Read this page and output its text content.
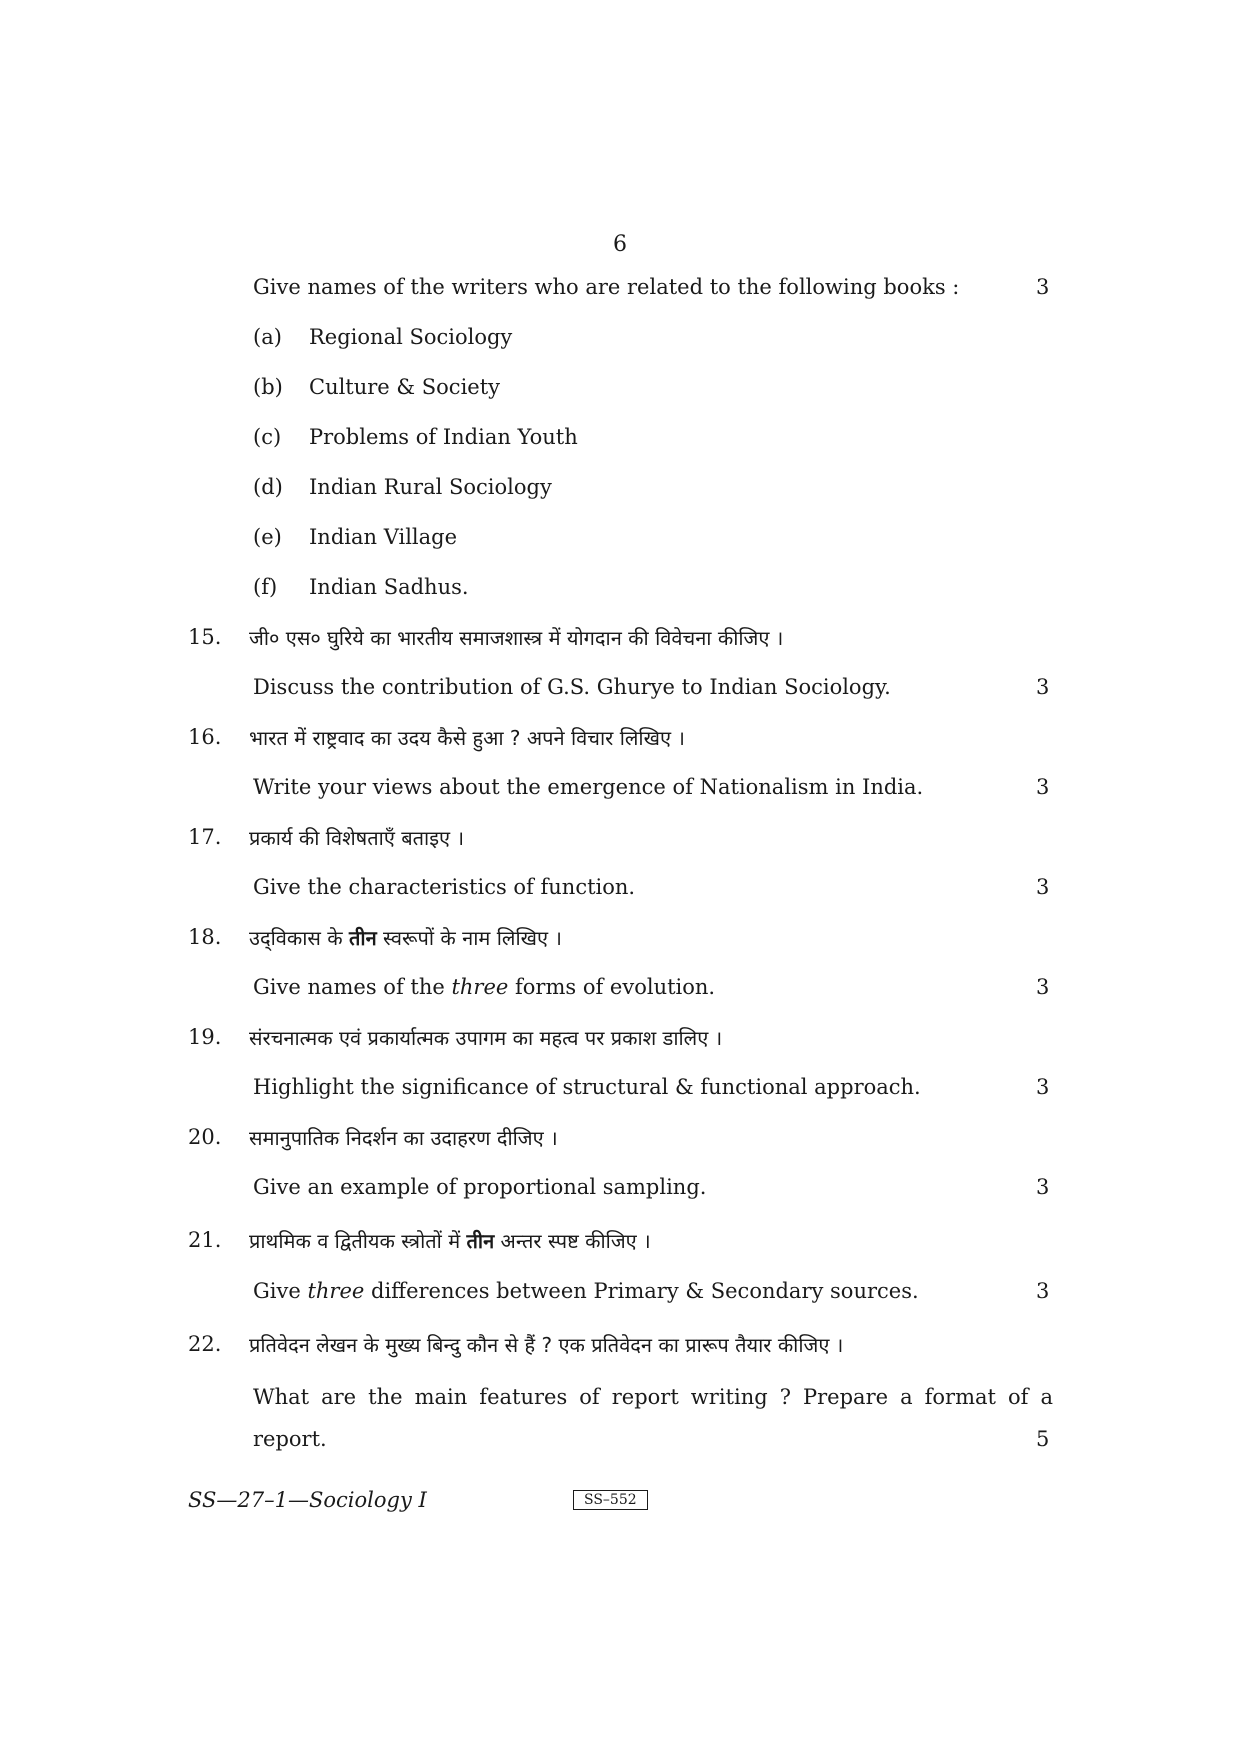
6
Give names of the writers who are related to the following books :	3
(a) Regional Sociology
(b) Culture & Society
(c) Problems of Indian Youth
(d) Indian Rural Sociology
(e) Indian Village
(f) Indian Sadhus.
15. जी० एस० घुरिये का भारतीय समाजशास्त्र में योगदान की विवेचना कीजिए ।
Discuss the contribution of G.S. Ghurye to Indian Sociology.	3
16. भारत में राष्ट्रवाद का उदय कैसे हुआ ? अपने विचार लिखिए ।
Write your views about the emergence of Nationalism in India.	3
17. प्रकार्य की विशेषताएँ बताइए ।
Give the characteristics of function.	3
18. उद्‌विकास के तीन स्वरूपों के नाम लिखिए ।
Give names of the three forms of evolution.	3
19. संरचनात्मक एवं प्रकार्यात्मक उपागम का महत्व पर प्रकाश डालिए ।
Highlight the significance of structural & functional approach.	3
20. समानुपातिक निदर्शन का उदाहरण दीजिए ।
Give an example of proportional sampling.	3
21. प्राथमिक व द्वितीयक स्त्रोतों में तीन अन्तर स्पष्ट कीजिए ।
Give three differences between Primary & Secondary sources.	3
22. प्रतिवेदन लेखन के मुख्य बिन्दु कौन से हैं ? एक प्रतिवेदन का प्रारूप तैयार कीजिए ।
What are the main features of report writing ? Prepare a format of a
report.	5
SS—27–1—Sociology I	SS–552
